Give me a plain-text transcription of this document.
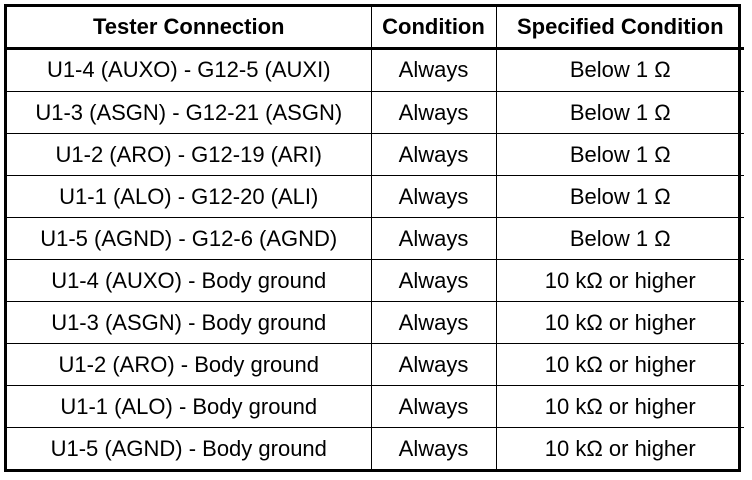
Tester Connection	Condition	Specified Condition
U1-4 (AUXO) - G12-5 (AUXI)	Always	Below 1 Ω
U1-3 (ASGN) - G12-21 (ASGN)	Always	Below 1 Ω
U1-2 (ARO) - G12-19 (ARI)	Always	Below 1 Ω
U1-1 (ALO) - G12-20 (ALI)	Always	Below 1 Ω
U1-5 (AGND) - G12-6 (AGND)	Always	Below 1 Ω
U1-4 (AUXO) - Body ground	Always	10 kΩ or higher
U1-3 (ASGN) - Body ground	Always	10 kΩ or higher
U1-2 (ARO) - Body ground	Always	10 kΩ or higher
U1-1 (ALO) - Body ground	Always	10 kΩ or higher
U1-5 (AGND) - Body ground	Always	10 kΩ or higher
